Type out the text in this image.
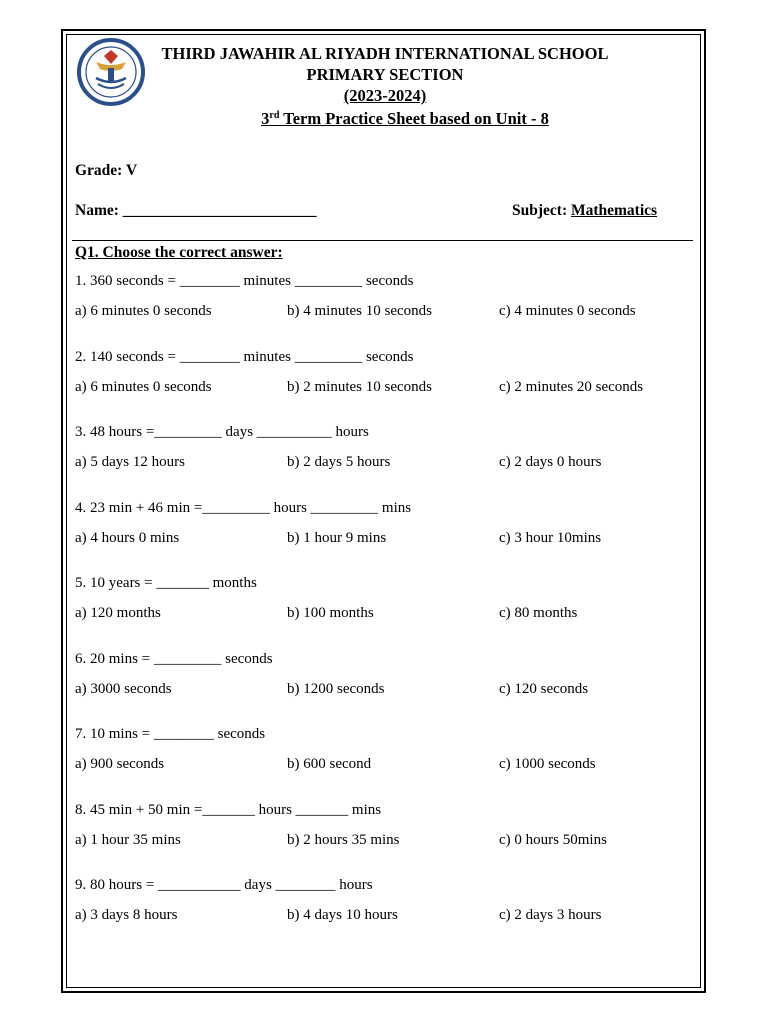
THIRD JAWAHIR AL RIYADH INTERNATIONAL SCHOOL
PRIMARY SECTION
(2023-2024)
3rd Term Practice Sheet based on Unit - 8
Grade: V
Name: _________________________	Subject: Mathematics
Q1. Choose the correct answer:
1. 360 seconds = ________ minutes _________ seconds
a) 6 minutes 0 seconds	b) 4 minutes 10 seconds	c) 4 minutes 0 seconds
2. 140 seconds = ________ minutes _________ seconds
a) 6 minutes 0 seconds	b) 2 minutes 10 seconds	c) 2 minutes 20 seconds
3. 48 hours =_________ days __________ hours
a) 5 days 12 hours	b) 2 days 5 hours	c) 2 days 0 hours
4. 23 min + 46 min =_________ hours _________ mins
a) 4 hours 0 mins	b) 1 hour 9 mins	c) 3 hour 10mins
5. 10 years = _______ months
a) 120 months	b) 100 months	c) 80 months
6. 20 mins = _________ seconds
a) 3000 seconds	b) 1200 seconds	c) 120 seconds
7. 10 mins = ________ seconds
a) 900 seconds	b) 600 second	c) 1000 seconds
8. 45 min + 50 min =_______ hours _______ mins
a) 1 hour 35 mins	b) 2 hours 35 mins	c) 0 hours 50mins
9. 80 hours = ___________ days ________ hours
a) 3 days 8 hours	b) 4 days 10 hours	c) 2 days 3 hours
